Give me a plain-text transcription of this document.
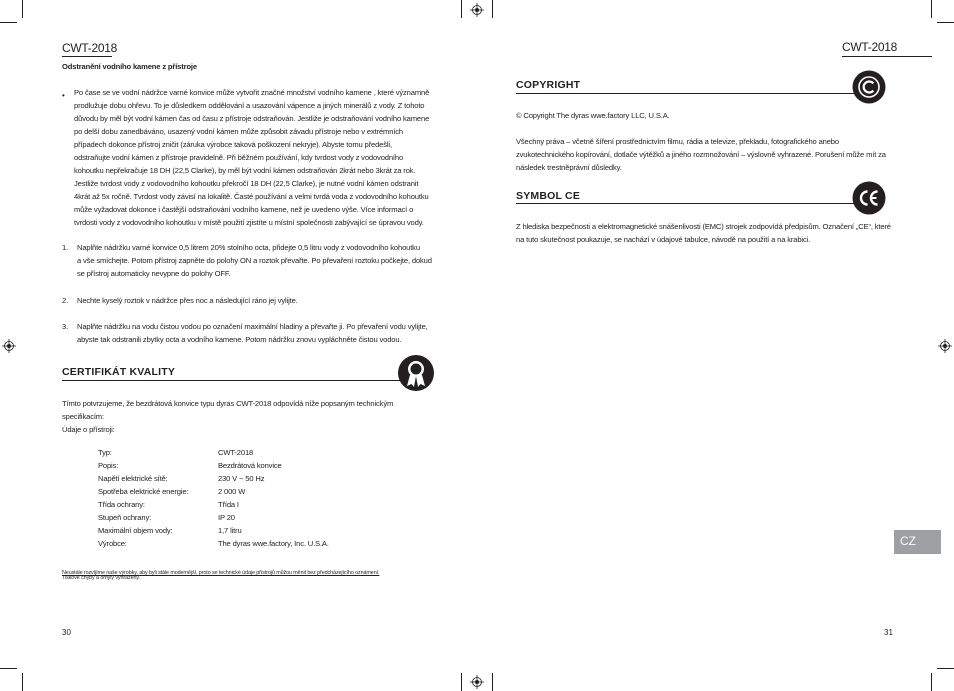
CWT-2018
Odstranění vodního kamene z přístroje
• Po čase se ve vodní nádržce varné konvice může vytvořit značné množství vodního kamene , které významně
prodlužuje dobu ohřevu. To je důsledkem oddělování a usazování vápence a jiných minerálů z vody. Z tohoto
důvodu by měl být vodní kámen čas od času z přístroje odstraňován. Jestliže je odstraňování vodního kamene
po delší dobu zanedbáváno, usazený vodní kámen může způsobit závadu přístroje nebo v extrémních
případech dokonce přístroj zničit (záruka výrobce taková poškození nekryje). Abyste tomu předešli,
odstraňujte vodní kámen z přístroje pravidelně. Při běžném používání, kdy tvrdost vody z vodovodního
kohoutku nepřekračuje 18 DH (22,5 Clarke), by měl být vodní kámen odstraňován 2krát nebo 3krát za rok.
Jestliže tvrdost vody z vodovodního kohoutku překročí 18 DH (22,5 Clarke), je nutné vodní kámen odstranit
4krát až 5x ročně. Tvrdost vody závisí na lokalitě. Časté používání a velmi tvrdá voda z vodovodního kohoutku
může vyžadovat dokonce i častější odstraňování vodního kamene, než je uvedeno výše. Více informací o
tvrdosti vody z vodovodního kohoutku v místě použití zjistíte u místní společnosti zabývající se úpravou vody.
1. Naplňte nádržku varné konvice 0,5 litrem 20% stolního octa, přidejte 0,5 litru vody z vodovodního kohoutku
a vše smíchejte. Potom přístroj zapněte do polohy ON a roztok převařte. Po převaření roztoku počkejte, dokud
se přístroj automaticky nevypne do polohy OFF.
2. Nechte kyselý roztok v nádržce přes noc a následující ráno jej vylijte.
3. Naplňte nádržku na vodu čistou vodou po označení maximální hladiny a převařte ji. Po převaření vodu vylijte,
abyste tak odstranili zbytky octa a vodního kamene. Potom nádržku znovu vypláchněte čistou vodou.
CERTIFIKÁT KVALITY
Tímto potvrzujeme, že bezdrátová konvice typu dyras CWT-2018 odpovídá níže popsaným technickým
specifikacím:
Údaje o přístroji:
Typ:	CWT-2018
Popis:	Bezdrátová konvice
Napětí elektrické sítě:	230 V ~ 50 Hz
Spotřeba elektrické energie:	2 000 W
Třída ochrany:	Třída I
Stupeň ochrany:	IP 20
Maximální objem vody:	1,7 litru
Výrobce:	The dyras wwe.factory, Inc. U.S.A.
Neustále rozvíjíme naše výrobky, aby byli stále modernější, proto se technické údaje přístrojů můžou měnit bez předcházejícího oznámení.
Tiskové chyby a omyly vyhrazeny.
30
CWT-2018
COPYRIGHT
© Copyright The dyras wwe.factory LLC, U.S.A.
Všechny práva – včetně šíření prostřednictvím filmu, rádia a televize, překladu, fotografického anebo
zvukotechnického kopírování, dotlače výtěžků a jiného rozmnožování – výslovně vyhrazené. Porušení může mít za
následek trestněprávní důsledky.
SYMBOL CE
Z hlediska bezpečnosti a elektromagnetické snášenlivosti (EMC) strojek zodpovídá předpisům. Označení „CE“, které
na tuto skutečnost poukazuje, se nachází v údajové tabulce, návodě na použití a na krabici.
CZ
31
